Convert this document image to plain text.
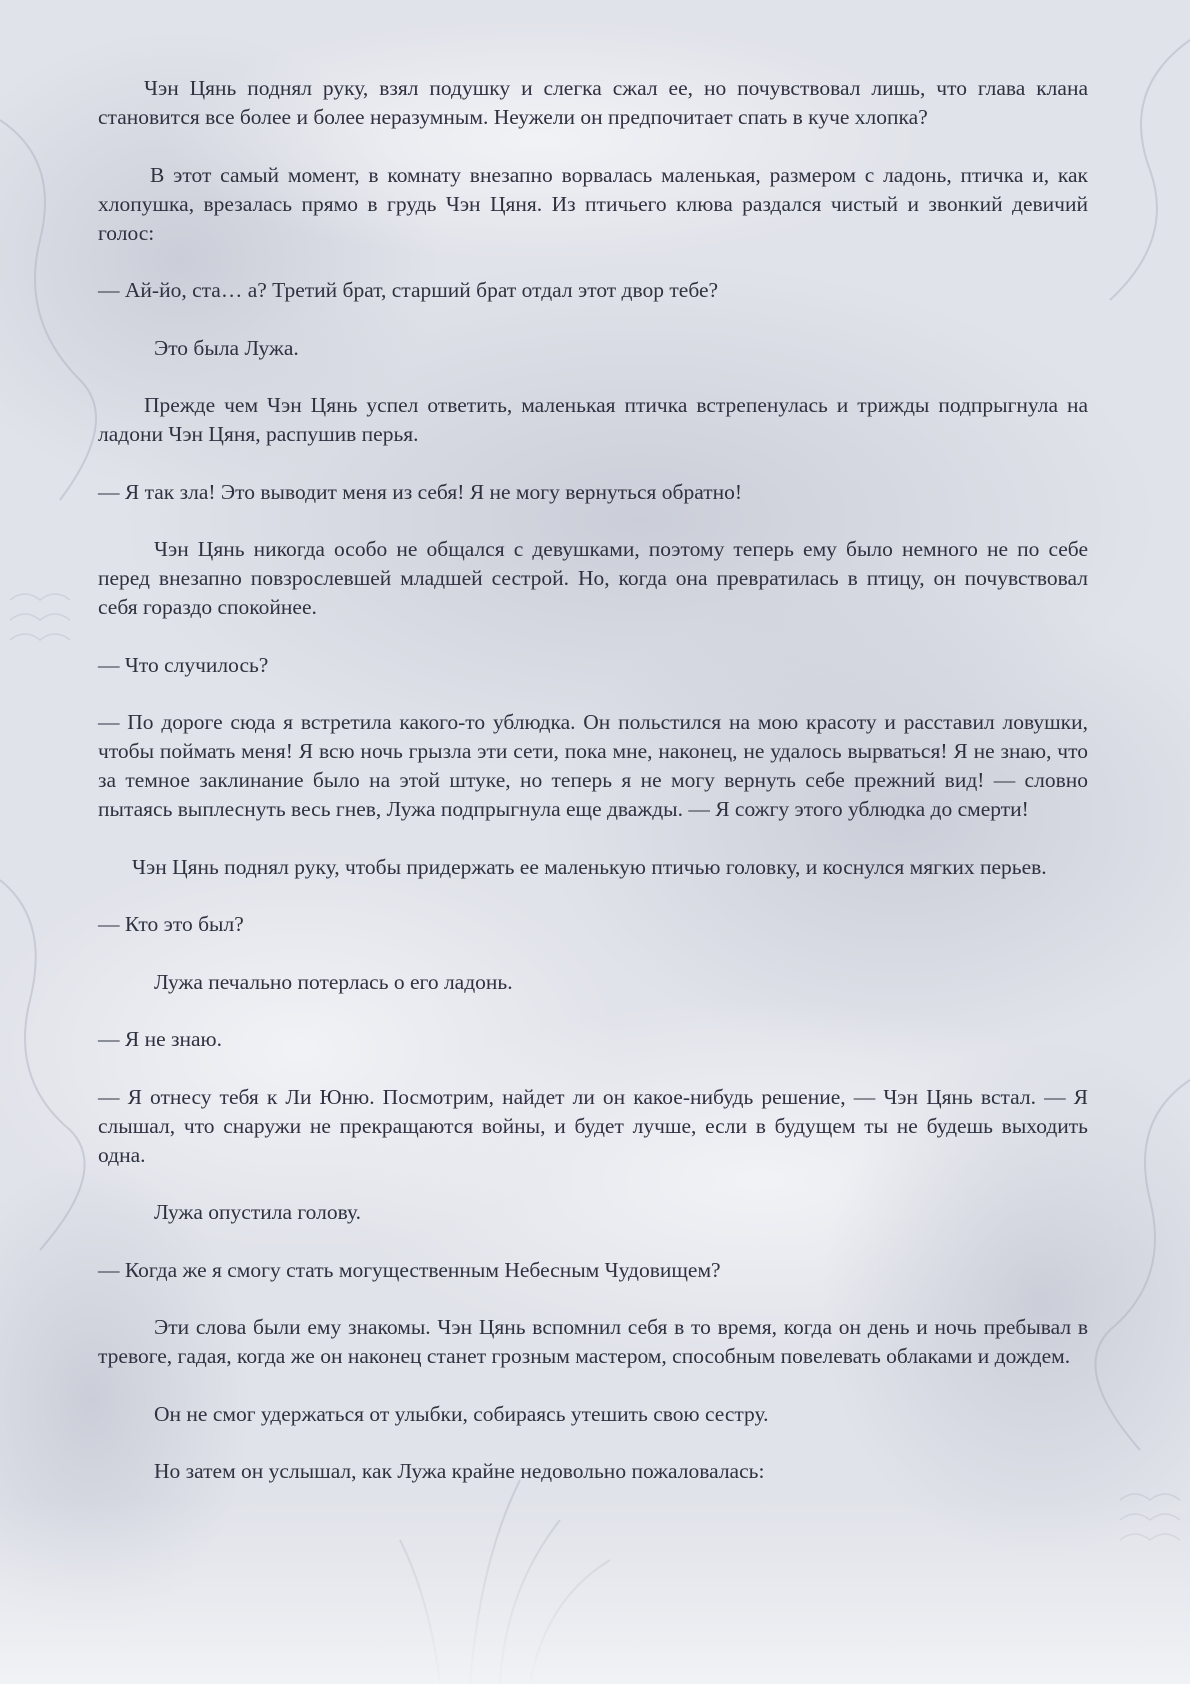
Чэн Цянь поднял руку, взял подушку и слегка сжал ее, но почувствовал лишь, что глава клана становится все более и более неразумным. Неужели он предпочитает спать в куче хлопка?

В этот самый момент, в комнату внезапно ворвалась маленькая, размером с ладонь, птичка и, как хлопушка, врезалась прямо в грудь Чэн Цяня. Из птичьего клюва раздался чистый и звонкий девичий голос:

— Ай-йо, ста… а? Третий брат, старший брат отдал этот двор тебе?

Это была Лужа.

Прежде чем Чэн Цянь успел ответить, маленькая птичка встрепенулась и трижды подпрыгнула на ладони Чэн Цяня, распушив перья.

— Я так зла! Это выводит меня из себя! Я не могу вернуться обратно!

Чэн Цянь никогда особо не общался с девушками, поэтому теперь ему было немного не по себе перед внезапно повзрослевшей младшей сестрой. Но, когда она превратилась в птицу, он почувствовал себя гораздо спокойнее.

— Что случилось?

— По дороге сюда я встретила какого-то ублюдка. Он польстился на мою красоту и расставил ловушки, чтобы поймать меня! Я всю ночь грызла эти сети, пока мне, наконец, не удалось вырваться! Я не знаю, что за темное заклинание было на этой штуке, но теперь я не могу вернуть себе прежний вид! — словно пытаясь выплеснуть весь гнев, Лужа подпрыгнула еще дважды. — Я сожгу этого ублюдка до смерти!

Чэн Цянь поднял руку, чтобы придержать ее маленькую птичью головку, и коснулся мягких перьев.

— Кто это был?

Лужа печально потерлась о его ладонь.

— Я не знаю.

— Я отнесу тебя к Ли Юню. Посмотрим, найдет ли он какое-нибудь решение, — Чэн Цянь встал. — Я слышал, что снаружи не прекращаются войны, и будет лучше, если в будущем ты не будешь выходить одна.

Лужа опустила голову.

— Когда же я смогу стать могущественным Небесным Чудовищем?

Эти слова были ему знакомы. Чэн Цянь вспомнил себя в то время, когда он день и ночь пребывал в тревоге, гадая, когда же он наконец станет грозным мастером, способным повелевать облаками и дождем.

Он не смог удержаться от улыбки, собираясь утешить свою сестру.

Но затем он услышал, как Лужа крайне недовольно пожаловалась:
